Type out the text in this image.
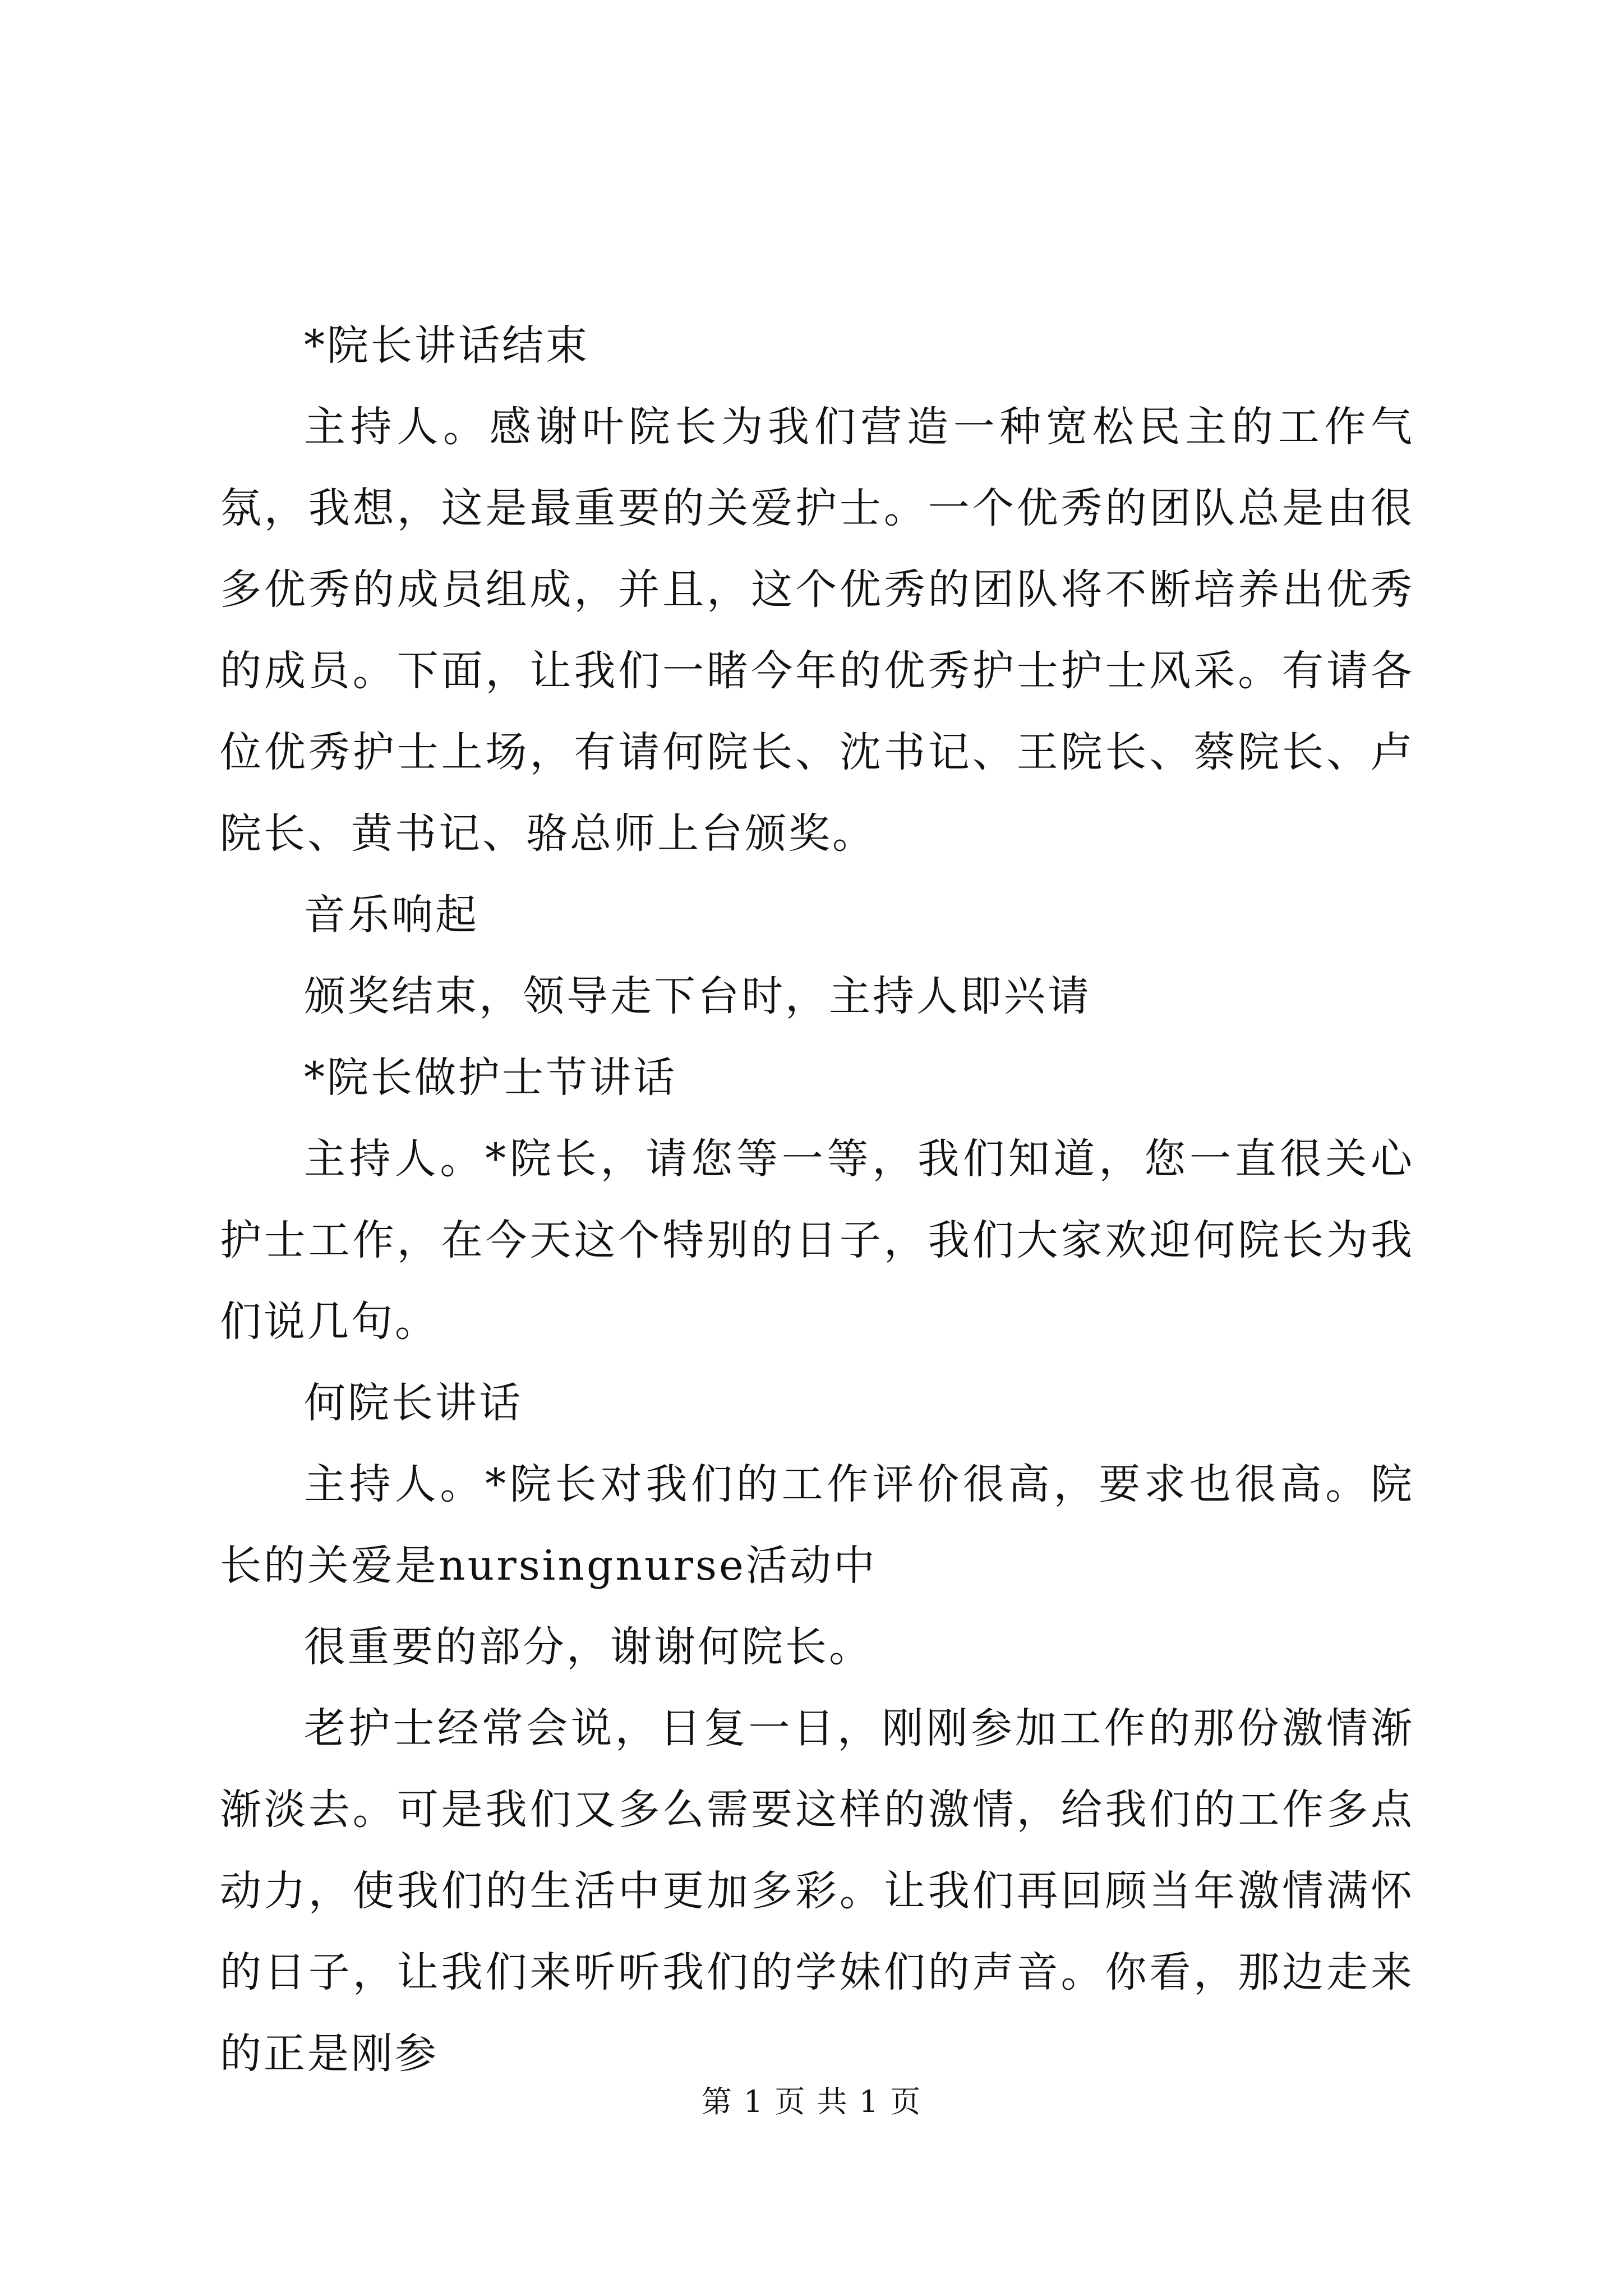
*院长讲话结束

主持人。感谢叶院长为我们营造一种宽松民主的工作气氛，我想，这是最重要的关爱护士。一个优秀的团队总是由很多优秀的成员组成，并且，这个优秀的团队将不断培养出优秀的成员。下面，让我们一睹今年的优秀护士护士风采。有请各位优秀护士上场，有请何院长、沈书记、王院长、蔡院长、卢院长、黄书记、骆总师上台颁奖。

音乐响起

颁奖结束，领导走下台时，主持人即兴请

*院长做护士节讲话

主持人。*院长，请您等一等，我们知道，您一直很关心护士工作，在今天这个特别的日子，我们大家欢迎何院长为我们说几句。

何院长讲话

主持人。*院长对我们的工作评价很高，要求也很高。院长的关爱是nursingnurse活动中

很重要的部分，谢谢何院长。

老护士经常会说，日复一日，刚刚参加工作的那份激情渐渐淡去。可是我们又多么需要这样的激情，给我们的工作多点动力，使我们的生活中更加多彩。让我们再回顾当年激情满怀的日子，让我们来听听我们的学妹们的声音。你看，那边走来的正是刚参

第 1 页 共 1 页
